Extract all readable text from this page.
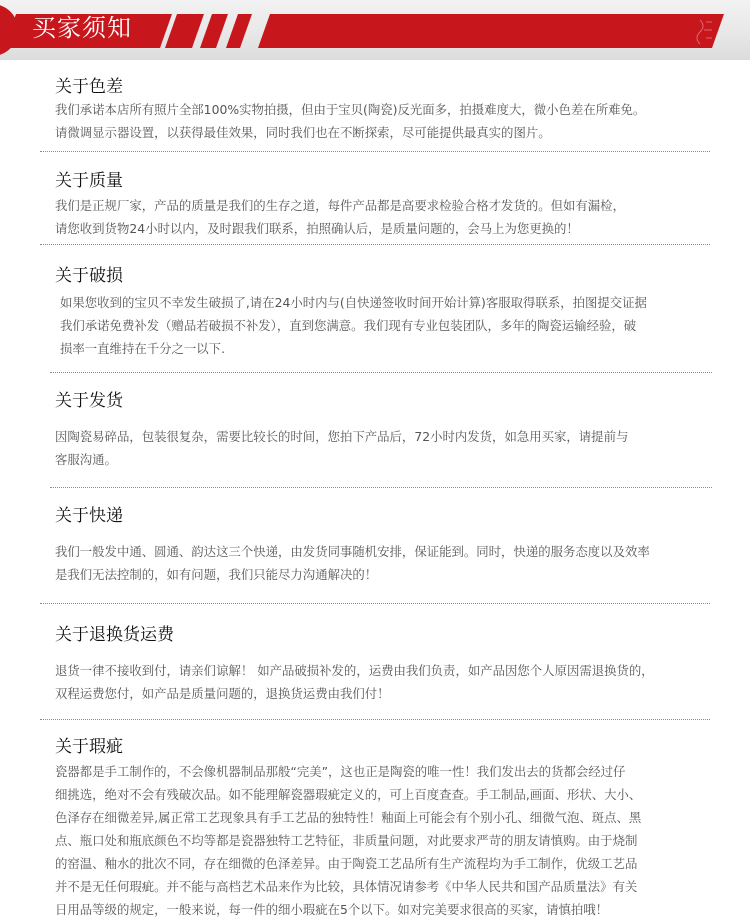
买家须知
关于色差
我们承诺本店所有照片全部100%实物拍摄，但由于宝贝(陶瓷)反光面多，拍摄难度大，微小色差在所难免。
请微调显示器设置，以获得最佳效果，同时我们也在不断探索，尽可能提供最真实的图片。
关于质量
我们是正规厂家，产品的质量是我们的生存之道，每件产品都是高要求检验合格才发货的。但如有漏检，
请您收到货物24小时以内，及时跟我们联系，拍照确认后，是质量问题的，会马上为您更换的！
关于破损
如果您收到的宝贝不幸发生破损了,请在24小时内与(自快递签收时间开始计算)客服取得联系，拍图提交证据
我们承诺免费补发（赠品若破损不补发），直到您满意。我们现有专业包装团队，多年的陶瓷运输经验，破
损率一直维持在千分之一以下.
关于发货
因陶瓷易碎品，包装很复杂，需要比较长的时间，您拍下产品后，72小时内发货，如急用买家，请提前与
客服沟通。
关于快递
我们一般发中通、圆通、韵达这三个快递，由发货同事随机安排，保证能到。同时，快递的服务态度以及效率
是我们无法控制的，如有问题，我们只能尽力沟通解决的！
关于退换货运费
退货一律不接收到付，请亲们谅解！ 如产品破损补发的，运费由我们负责，如产品因您个人原因需退换货的，
双程运费您付，如产品是质量问题的，退换货运费由我们付！
关于瑕疵
瓷器都是手工制作的，不会像机器制品那般“完美”，这也正是陶瓷的唯一性！我们发出去的货都会经过仔
细挑选，绝对不会有残破次品。如不能理解瓷器瑕疵定义的，可上百度查查。手工制品,画面、形状、大小、
色泽存在细微差异,属正常工艺现象具有手工艺品的独特性！釉面上可能会有个别小孔、细微气泡、斑点、黑
点、瓶口处和瓶底颜色不均等都是瓷器独特工艺特征，非质量问题，对此要求严苛的朋友请慎购。由于烧制
的窑温、釉水的批次不同，存在细微的色泽差异。由于陶瓷工艺品所有生产流程均为手工制作，优级工艺品
并不是无任何瑕疵。并不能与高档艺术品来作为比较，具体情况请参考《中华人民共和国产品质量法》有关
日用品等级的规定，一般来说，每一件的细小瑕疵在5个以下。如对完美要求很高的买家，请慎拍哦！
